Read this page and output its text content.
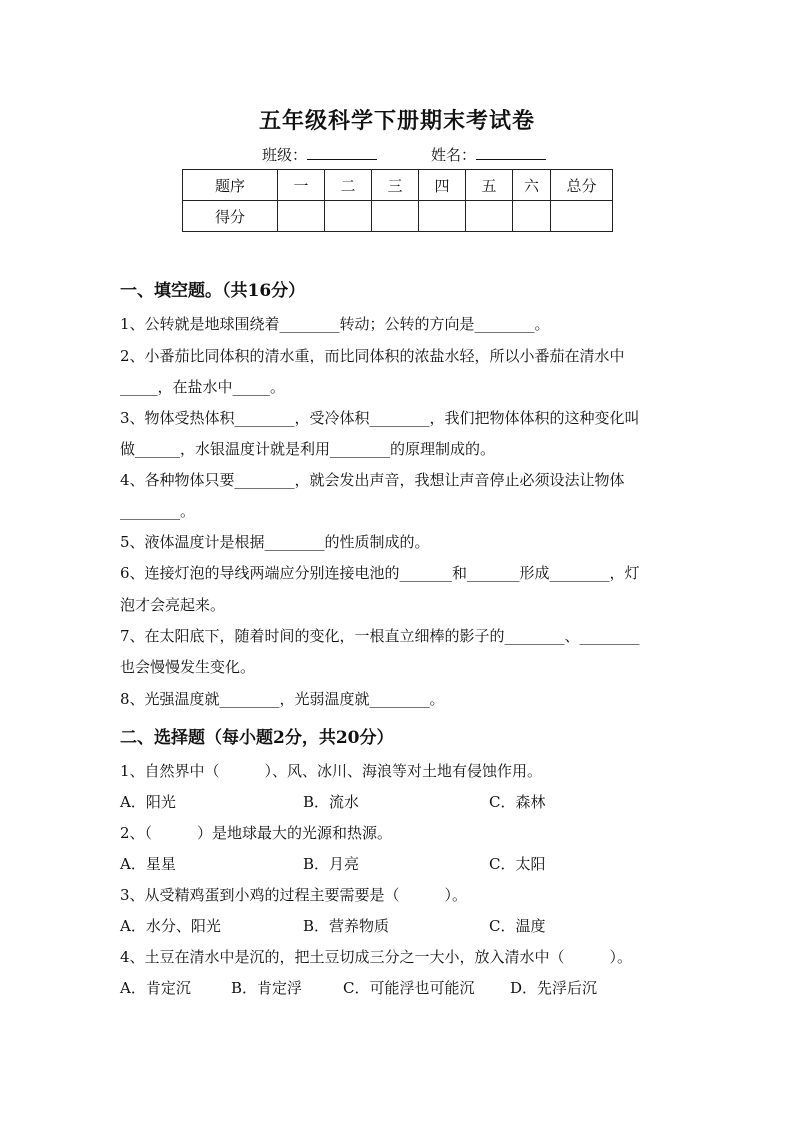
五年级科学下册期末考试卷
班级：	姓名：
题序	一	二	三	四	五	六	总分
得分							
一、填空题。（共16分）
1、公转就是地球围绕着________转动；公转的方向是________。
2、小番茄比同体积的清水重，而比同体积的浓盐水轻，所以小番茄在清水中
_____，在盐水中_____。
3、物体受热体积________，受冷体积________，我们把物体体积的这种变化叫
做______，水银温度计就是利用________的原理制成的。
4、各种物体只要________，就会发出声音，我想让声音停止必须设法让物体
________。
5、液体温度计是根据________的性质制成的。
6、连接灯泡的导线两端应分别连接电池的_______和_______形成________，灯
泡才会亮起来。
7、在太阳底下，随着时间的变化，一根直立细棒的影子的________、________
也会慢慢发生变化。
8、光强温度就________，光弱温度就________。
二、选择题（每小题2分，共20分）
1、自然界中（　　　）、风、冰川、海浪等对土地有侵蚀作用。
A．阳光	B．流水	C．森林
2、（　　　）是地球最大的光源和热源。
A．星星	B．月亮	C．太阳
3、从受精鸡蛋到小鸡的过程主要需要是（　　　）。
A．水分、阳光	B．营养物质	C．温度
4、土豆在清水中是沉的，把土豆切成三分之一大小，放入清水中（　　　）。
A．肯定沉	B．肯定浮	C．可能浮也可能沉 D．先浮后沉
